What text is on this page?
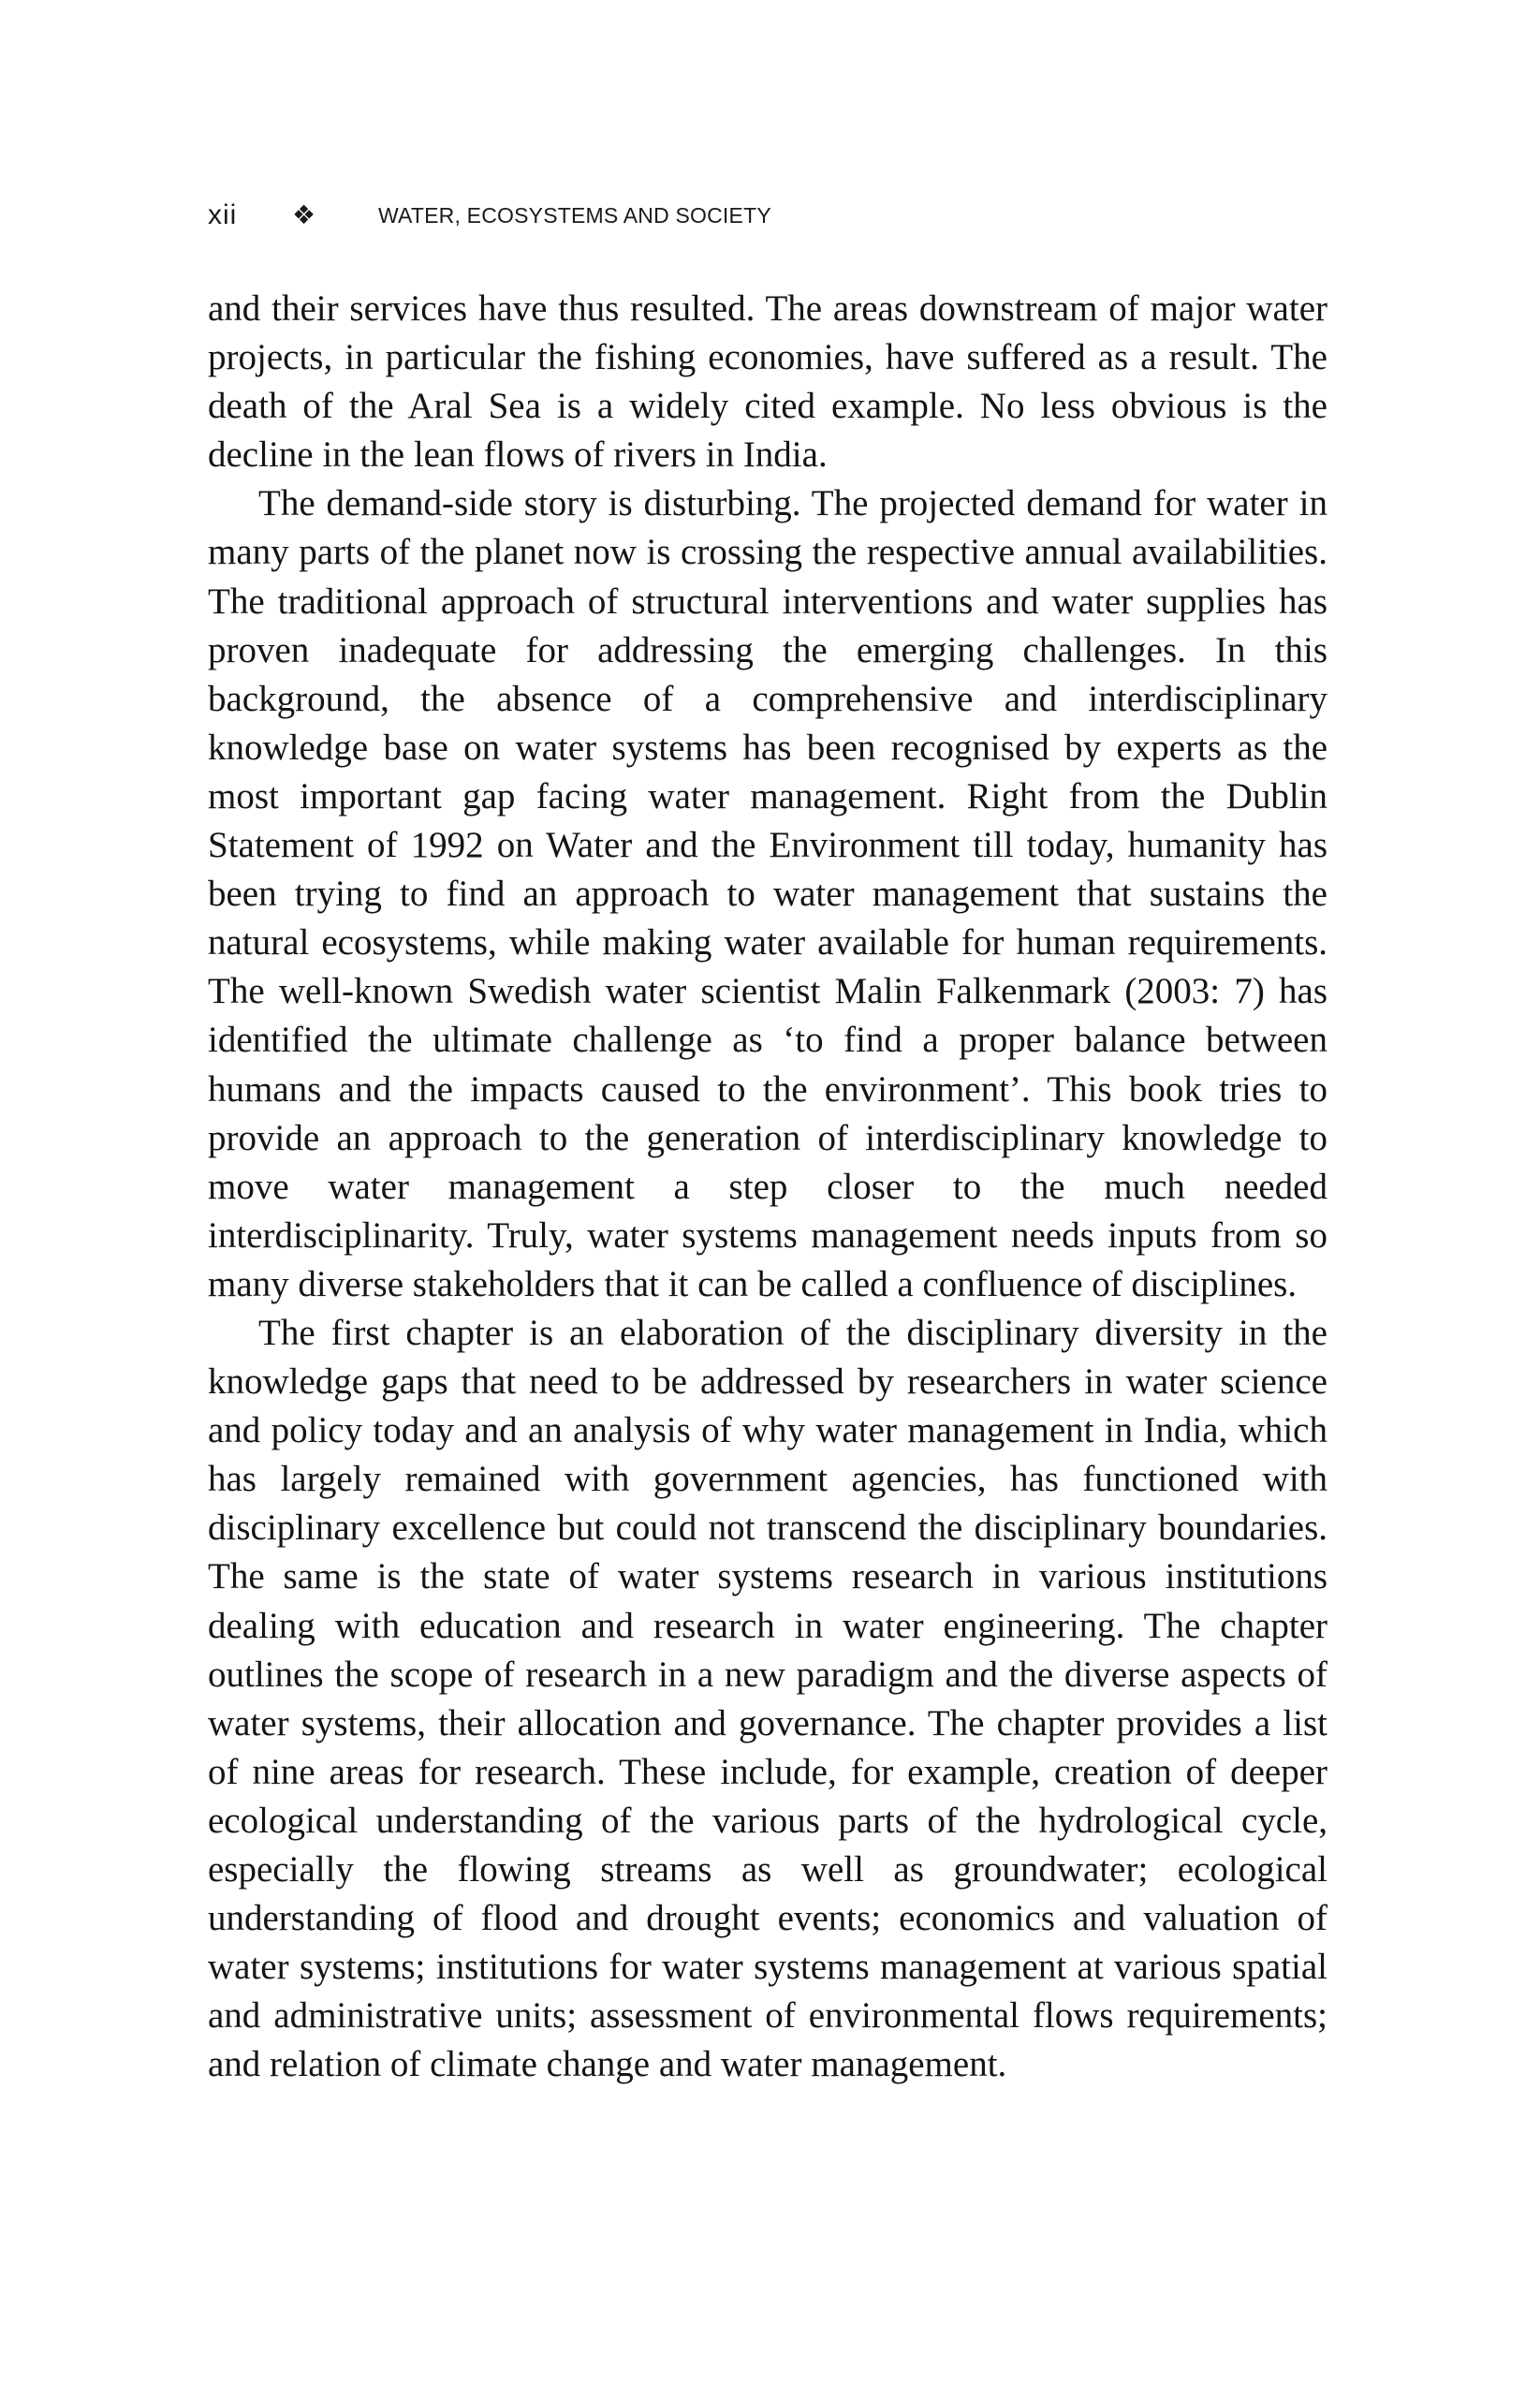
xii	❖	WATER, ECOSYSTEMS AND SOCIETY

and their services have thus resulted. The areas downstream of major water projects, in particular the fishing economies, have suffered as a result. The death of the Aral Sea is a widely cited example. No less obvious is the decline in the lean flows of rivers in India.

The demand-side story is disturbing. The projected demand for water in many parts of the planet now is crossing the respective annual availabilities. The traditional approach of structural interventions and water supplies has proven inadequate for addressing the emerging challenges. In this background, the absence of a comprehensive and interdisciplinary knowledge base on water systems has been recognised by experts as the most important gap facing water management. Right from the Dublin Statement of 1992 on Water and the Environment till today, humanity has been trying to find an approach to water management that sustains the natural ecosystems, while making water available for human requirements. The well-known Swedish water scientist Malin Falkenmark (2003: 7) has identified the ultimate challenge as ‘to find a proper balance between humans and the impacts caused to the environment’. This book tries to provide an approach to the generation of interdisciplinary knowledge to move water management a step closer to the much needed interdisciplinarity. Truly, water systems management needs inputs from so many diverse stakeholders that it can be called a confluence of disciplines.

The first chapter is an elaboration of the disciplinary diversity in the knowledge gaps that need to be addressed by researchers in water science and policy today and an analysis of why water management in India, which has largely remained with government agencies, has functioned with disciplinary excellence but could not transcend the disciplinary boundaries. The same is the state of water systems research in various institutions dealing with education and research in water engineering. The chapter outlines the scope of research in a new paradigm and the diverse aspects of water systems, their allocation and governance. The chapter provides a list of nine areas for research. These include, for example, creation of deeper ecological understanding of the various parts of the hydrological cycle, especially the flowing streams as well as groundwater; ecological understanding of flood and drought events; economics and valuation of water systems; institutions for water systems management at various spatial and administrative units; assessment of environmental flows requirements; and relation of climate change and water management.
